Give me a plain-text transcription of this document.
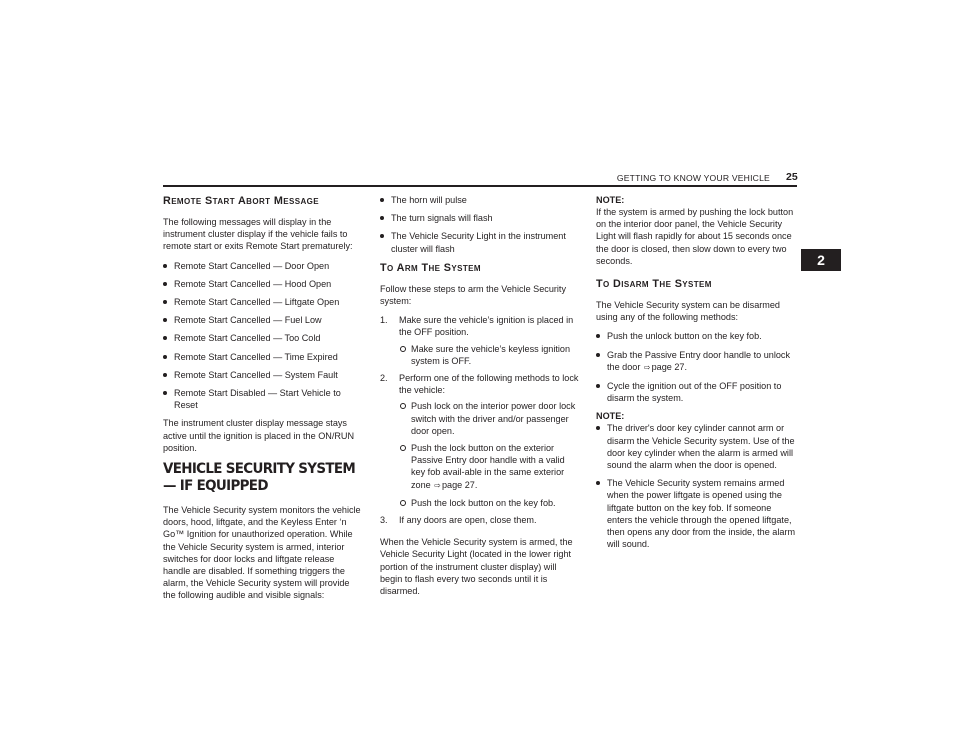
GETTING TO KNOW YOUR VEHICLE 25
2
Remote Start Abort Message

The following messages will display in the instrument cluster display if the vehicle fails to remote start or exits Remote Start prematurely:

Remote Start Cancelled — Door Open
Remote Start Cancelled — Hood Open
Remote Start Cancelled — Liftgate Open
Remote Start Cancelled — Fuel Low
Remote Start Cancelled — Too Cold
Remote Start Cancelled — Time Expired
Remote Start Cancelled — System Fault
Remote Start Disabled — Start Vehicle to Reset

The instrument cluster display message stays active until the ignition is placed in the ON/RUN position.

VEHICLE SECURITY SYSTEM — IF EQUIPPED

The Vehicle Security system monitors the vehicle doors, hood, liftgate, and the Keyless Enter ‘n Go™ Ignition for unauthorized operation. While the Vehicle Security system is armed, interior switches for door locks and liftgate release handle are disabled. If something triggers the alarm, the Vehicle Security system will provide the following audible and visible signals:

The horn will pulse
The turn signals will flash
The Vehicle Security Light in the instrument cluster will flash
To Arm The System

Follow these steps to arm the Vehicle Security system:

1. Make sure the vehicle’s ignition is placed in the OFF position.
Make sure the vehicle’s keyless ignition system is OFF.
2. Perform one of the following methods to lock the vehicle:
Push lock on the interior power door lock switch with the driver and/or passenger door open.
Push the lock button on the exterior Passive Entry door handle with a valid key fob avail-able in the same exterior zone ⇨page 27.
Push the lock button on the key fob.
3. If any doors are open, close them.

When the Vehicle Security system is armed, the Vehicle Security Light (located in the lower right portion of the instrument cluster display) will begin to flash every two seconds until it is disarmed.

NOTE:

If the system is armed by pushing the lock button on the interior door panel, the Vehicle Security Light will flash rapidly for about 15 seconds once the door is closed, then slow down to every two seconds.

To Disarm The System

The Vehicle Security system can be disarmed using any of the following methods:

Push the unlock button on the key fob.
Grab the Passive Entry door handle to unlock the door ⇨page 27.
Cycle the ignition out of the OFF position to disarm the system.

NOTE:

The driver's door key cylinder cannot arm or disarm the Vehicle Security system. Use of the door key cylinder when the alarm is armed will sound the alarm when the door is opened.
The Vehicle Security system remains armed when the power liftgate is opened using the liftgate button on the key fob. If someone enters the vehicle through the opened liftgate, then opens any door from the inside, the alarm will sound.
